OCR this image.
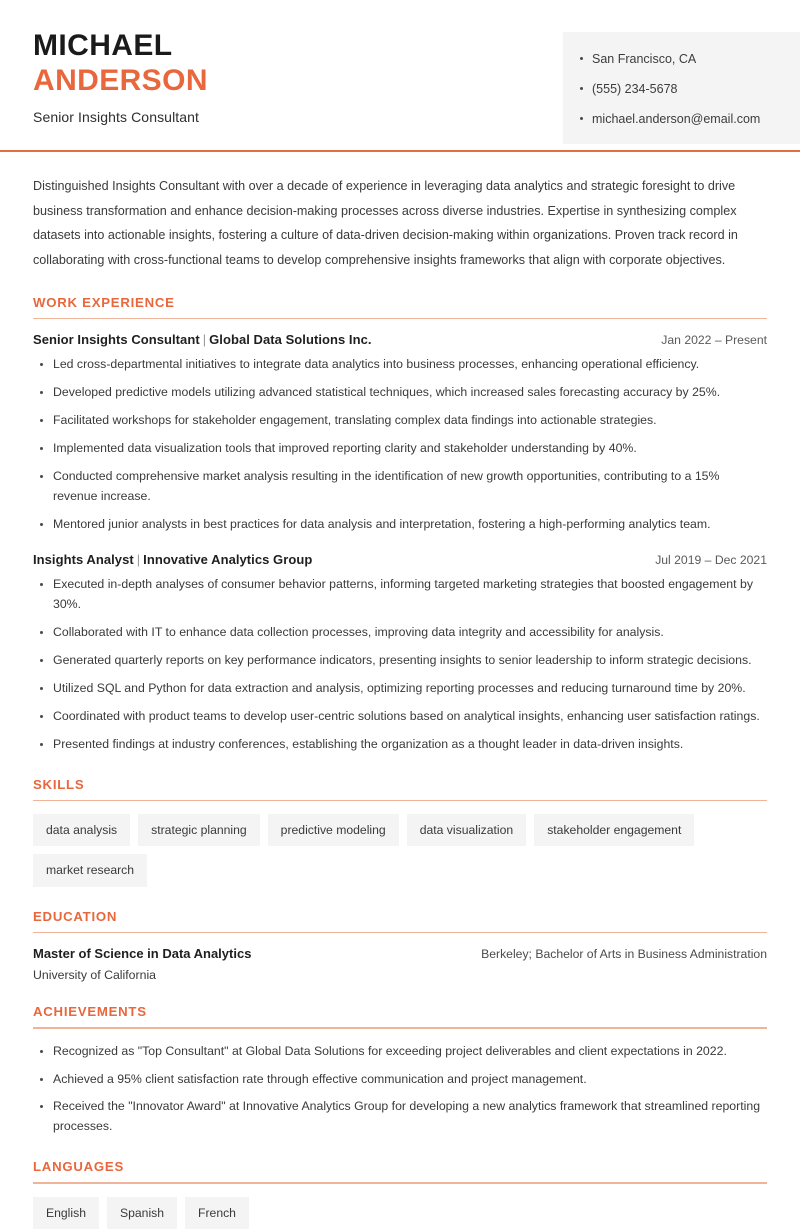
MICHAEL
ANDERSON
Senior Insights Consultant
San Francisco, CA
(555) 234-5678
michael.anderson@email.com

Distinguished Insights Consultant with over a decade of experience in leveraging data analytics and strategic foresight to drive business transformation and enhance decision-making processes across diverse industries. Expertise in synthesizing complex datasets into actionable insights, fostering a culture of data-driven decision-making within organizations. Proven track record in collaborating with cross-functional teams to develop comprehensive insights frameworks that align with corporate objectives.

WORK EXPERIENCE
Senior Insights Consultant | Global Data Solutions Inc.	Jan 2022 – Present
Led cross-departmental initiatives to integrate data analytics into business processes, enhancing operational efficiency.
Developed predictive models utilizing advanced statistical techniques, which increased sales forecasting accuracy by 25%.
Facilitated workshops for stakeholder engagement, translating complex data findings into actionable strategies.
Implemented data visualization tools that improved reporting clarity and stakeholder understanding by 40%.
Conducted comprehensive market analysis resulting in the identification of new growth opportunities, contributing to a 15% revenue increase.
Mentored junior analysts in best practices for data analysis and interpretation, fostering a high-performing analytics team.
Insights Analyst | Innovative Analytics Group	Jul 2019 – Dec 2021
Executed in-depth analyses of consumer behavior patterns, informing targeted marketing strategies that boosted engagement by 30%.
Collaborated with IT to enhance data collection processes, improving data integrity and accessibility for analysis.
Generated quarterly reports on key performance indicators, presenting insights to senior leadership to inform strategic decisions.
Utilized SQL and Python for data extraction and analysis, optimizing reporting processes and reducing turnaround time by 20%.
Coordinated with product teams to develop user-centric solutions based on analytical insights, enhancing user satisfaction ratings.
Presented findings at industry conferences, establishing the organization as a thought leader in data-driven insights.
SKILLS
data analysis	strategic planning	predictive modeling	data visualization	stakeholder engagement
market research
EDUCATION
Master of Science in Data Analytics	Berkeley; Bachelor of Arts in Business Administration
University of California
ACHIEVEMENTS
Recognized as "Top Consultant" at Global Data Solutions for exceeding project deliverables and client expectations in 2022.
Achieved a 95% client satisfaction rate through effective communication and project management.
Received the "Innovator Award" at Innovative Analytics Group for developing a new analytics framework that streamlined reporting processes.
LANGUAGES
English	Spanish	French
